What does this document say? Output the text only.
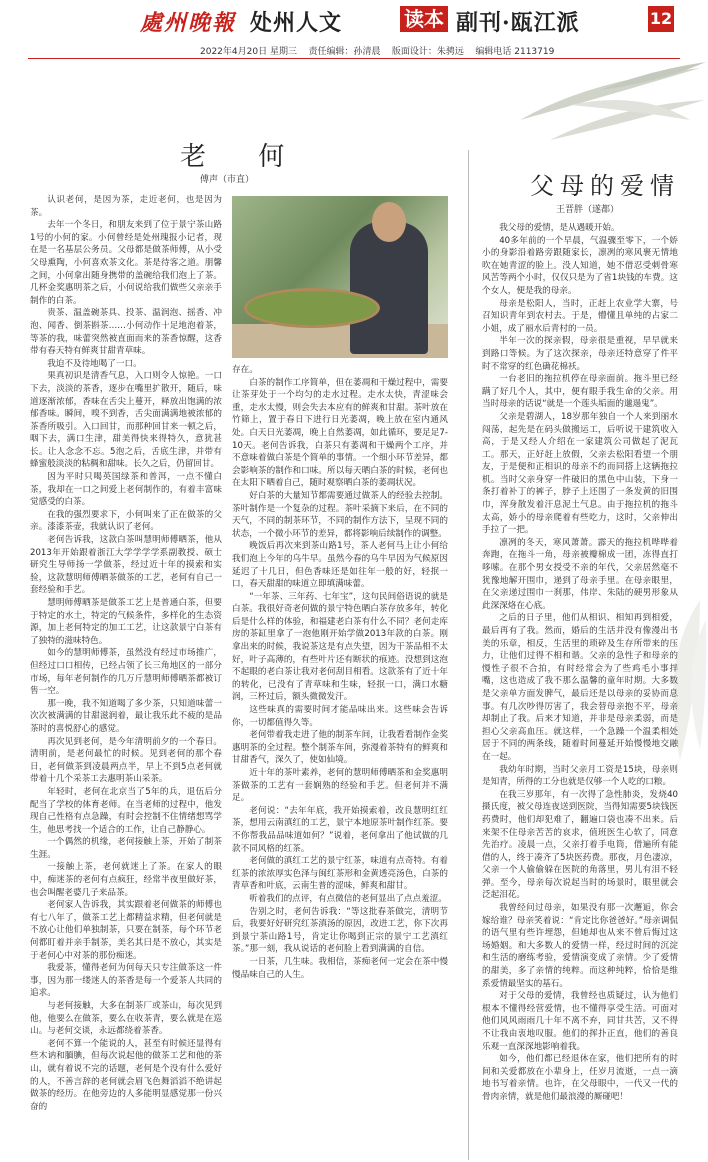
處州晚報 处州人文	读本 副刊·瓯江派	12
2022年4月20日 星期三 责任编辑：孙清晨 版面设计：朱骋远 编辑电话 2113719
老 何
傅声（市直）	父母的爱情
王晋胖（遂都）

认识老何，是因为茶，走近老何，也是因为茶。

去年一个冬日，和朋友来到了位于景宁茶山路1号的小何的家。小何曾经是处州瑰报小记者，现在是一名基层公务员。父母都是做茶师傅，从小受父母熏陶，小何喜欢茶文化。茶是待客之道。朋馨之间，小何拿出随身携带的盖碗给我们泡上了茶。几杯金奖惠明茶之后，小何说给我们做些父亲亲手制作的白茶。

贵茶、温盖碗茶具、投茶、温润泡、摇香、冲泡、闻香、倒茶斟茶……小何动作十足地泡着茶，等茶的我，味蕾突然被直面而来的茶香惊醒，这香带有春天特有鲜爽甘甜青草味。

我迫不及待地喝了一口。

果真初识是清香气息，入口则令人惊艳。一口下去，淡淡的茶香，逐步在嘴里扩散开，随后，味道逐渐浓郁，香味在舌尖上蔓开，释放出饱满的浓郁香味。瞬间，嗅不到香，舌尖面满满地被浓郁的茶香所吸引。入口回甘，而那种回甘来一顿之后，咽下去，满口生津，甜美得快来得特久，意犹甚长。让人念念不忘。5泡之后，舌底生津，并带有蜂蜜般淡淡的粘稠和甜味。长久之后，仍留回甘。

因为平时只喝英国绿茶和普洱，一点不懂白茶，我却在一口之间爱上老何制作的，有着丰富味觉感受的白茶。

在我的强烈要求下，小何叫来了正在做茶的父亲。漆漆茶壶，我就认识了老何。

老何告诉我，这款白茶叫慧明师傅晒茶，他从2013年开始跟着浙江大学学学学系副教授、硕士研究生导师扬一学做茶，经过近十年的摸索和实验，这款慧明师傅晒茶做茶的工艺，老何有自己一套经验和手艺。

慧明师傅晒茶是做茶工艺上是普通白茶，但要于特定的水土，特定的气候条件，多样化的生态资源，加上老何特定的加工工艺，让这款景宁白茶有了独特的滋味特色。

如今的慧明师傅茶，虽然没有经过市场推广，但经过口口相传，已经占领了长三角地区的一部分市场，每年老何制作的几万斤慧明师傅晒茶都被订售一空。

那一晚，我不知道喝了多少茶，只知道味蕾一次次被满满的甘甜滋润着，最让我乐此不疲的是品茶时的喜悦舒心的感觉。

再次见到老何，是今年清明前夕的一个春日。清明前，是老何最忙的时候。见到老何的那个春日，老何做茶到凌晨两点半，早上不到5点老何就带着十几个采茶工去惠明茶山采茶。

年轻时，老何在北京当了5年的兵，退伍后分配当了学校的体育老师。在当老师的过程中，他发现自己性格有点急躁，有时会控制不住情绪想骂学生，他思考找一个适合的工作，让自己静静心。

一个偶然的机缘，老何接触上茶，开始了制茶生涯。

一接触上茶，老何就迷上了茶。在家人的眼中，痴迷茶的老何有点疯狂，经常半夜里做好茶，也会叫醒老婆几子来品茶。

老何家人告诉我，其实跟着老何做茶的师傅也有七八年了，做茶工艺上都精益求精，但老何就是不放心让他们单独制茶，只要在制茶，每个环节老何都盯着并亲手制茶，美名其曰是不放心，其实是于老何心中对茶的那份痴迷。

我爱茶，懂得老何为何每天只专注做茶这一件事，因为那一缕迷人的茶香是每一个爱茶人共同的追求。

与老何接触，大多在制茶厂或茶山，每次见到他，他要么在做茶，要么在收茶青，要么就是在巡山。与老何交谈，永远都绕着茶香。

老何不算一个能说的人，甚至有时候还显得有些木讷和腼腆，但每次说起他的做茶工艺和他的茶山，就有着说不完的话题，老何是个没有什么爱好的人，不善言辞的老何就会眉飞色舞滔滔不绝讲起做茶的经历。在他旁边的人多能明显感觉那一份兴奋的

存在。

白茶的制作工序简单，但在萎凋和干燥过程中，需要让茶芽处于一个均匀的走水过程。走水太快，青涩味会重，走水太慢，则会失去本应有的鲜爽和甘甜。茶叶放在竹筛上，置于春日下进行日光萎凋，晚上放在室内通风处。白天日光萎凋，晚上自然萎凋，如此循环，要足足7-10天。老何告诉我，白茶只有萎凋和干燥两个工序，并不意味着做白茶是个简单的事情。一个细小环节差异，都会影响茶的制作和口味。所以每天晒白茶的时候，老何也在太阳下晒着自己，随时观察晒白茶的萎凋状况。

好白茶的大量知节都需要通过做茶人的经验去控制。茶叶制作是一个复杂的过程。茶叶采摘下来后，在不同的天气，不同的制茶环节，不同的制作方法下，呈现不同的状态，一个微小环节的差异，都将影响后续制作的调整。

晚饭后再次来到茶山路1号，茶人老何马上让小何给我们泡上今年的乌牛早。虽然今春的乌牛早因为气候原因延迟了十几日，但色香味还是如往年一般的好，轻抿一口，春天甜甜的味道立即填满味蕾。

“一年茶、三年药、七年宝”，这句民间俗语说的就是白茶。我很好奇老何做的景宁特色晒白茶存放多年，转化后是什么样的体验，和福建老白茶有什么不同？老何走库房的茶缸里拿了一泡他刚开始学做2013年款的白茶。刚拿出来的时候，我说茶这是有点失望，因为干茶品相不太好，叶子高薄的，有些叶片还有断状的痕迹。没想到这泡不起眼的老白茶让我对老何刮目相看。这款茶有了近十年的转化，已没有了青草味和生味，轻抿一口，满口水糖润，三杯过后，额头微微发汗。

这些味真的需要时间才能品味出来。这些味会告诉你，一切都值得久等。

老何带着我走进了他的制茶车间，让我看看制作金奖惠明茶的全过程。整个制茶车间，弥漫着茶特有的鲜爽和甘甜香气，深久了，使如仙境。

近十年的茶叶素养，老何的慧明师傅晒茶和金奖惠明茶做茶的工艺有一套娴熟的经验和手艺。但老何并不满足。

老何说：“去年年底，我开始摸索着，改良慧明红红茶，想用云南滇红的工艺，景宁本地原茶叶制作红茶。要不你帮我品品味道如何？”说着，老何拿出了他试做的几款不同风格的红茶。

老何做的滇红工艺的景宁红茶，味道有点奇特。有着红茶的浓浓厚实色泽与闽红茶形和金黄透亮汤色，白茶的青草香和叶底，云南生普的涩味，鲜爽和甜甘。

听着我们的点评，有点微信的老何显出了点点羞涩。

告别之时，老何告诉我：“等这批春茶做完，清明节后，我要好好研究红茶滇汤的原因，改进工艺，你下次再到景宁茶山路1号，肯定让你喝到正宗的景宁工艺滇红茶。”那一刻，我从说话的老何脸上看到满满的自信。

一日茶，几生味。我相信，茶痴老何一定会在茶中慢慢品味自己的人生。

我父母的爱情，是从遇暖开始。

40多年前的一个早晨，气温骤至零下，一个娇小的身影沿着路旁跟随家长，凛冽的寒风裹无情地吹在她青涩的脸上。没人知道，她不借忍受刺骨寒风苦等两个小时，仅仅只是为了省1块钱的车费。这个女人，便是我的母亲。

母亲是松阳人，当时，正赶上农业学大寨，号召知识青年到农村去。于是，懵懂且单纯的占家二小姐，成了丽水后青村的一员。

半年一次的探亲假，母亲很是重视，早早就来到路口等候。为了这次探亲，母亲还特意穿了件平时不常穿的红色确花棉袄。

一台老旧的拖拉机停在母亲面前。拖斗里已经蹒了好几个人，其中，便有眼手我生命的父亲。用当时母亲的话说“就是一个莲头垢面的邋遢鬼”。

父亲是碧湖人，18岁那年独自一个人来到丽水闯荡，起先是在码头做搬运工，后听说干建筑收入高，于是又经人介绍在一家建筑公司做起了泥瓦工。那天，正好赶上放假，父亲去松阳看望一个朋友，于是便和正相识的母亲不约而同搭上这辆拖拉机。当时父亲身穿一件破旧的黑色中山装，下身一条打着补丁的裤子，脖子上还围了一条发黄的旧围巾，浑身散发着汗息泥土气息。由于拖拉机的拖斗太高，娇小的母亲爬着有些吃力，这时，父亲伸出手拉了一把。

凛冽的冬天，寒风萧萧。霹天的拖拉机哗哗着奔跑，在拖斗一角，母亲被瓣棉成一团，冻得直打哆嗦。在那个男女授受不亲的年代，父亲居然毫不犹豫地解开围巾，递到了母亲手里。在母亲眼里，在父亲递过围巾一刹那，伟岸、朱陆的硬男形象从此深深烙在心底。

之后的日子里，他们从相识、相知再到相爱，最后再有了我。然而，婚后的生活并没有像漫出书美的乐章，相反，生活里的琐碎及生存所带来的压力，让他们过得不相和谐。父亲的急性子和母亲的慢性子很不合拍，有时经常会为了些鸡毛小事拌嘴，这也造成了我不那么温馨的童年时期。大多数是父亲单方面发脾气，最后还是以母亲的妥协而息事。有几次吵得厉害了，我会替母亲抱不平，母亲却制止了我。后来才知道，并非是母亲柔弱，而是担心父亲高血压。就这样，一个急躁一个温柔相处居于不同的两条线，随着时间蔓延开始慢慢地交融在一起。

我幼年时期，当时父亲月工资是15块，母亲则是知青，所得的工分也就是仅够一个人吃的口粮。

在我三岁那年，有一次得了急性肺炎，发烧40摄氏度，被父母连夜送到医院，当得知需要5块钱医药费时，他们却犯难了，翻遍口袋也凑不出来。后来架不住母亲苦苦的哀求，值班医生心软了，同意先治疗。凌晨一点，父亲打着手电筒，借遍所有能借的人，终于凑齐了5块医药费。那夜，月色凄凉，父亲一个人偷偷躲在医院的角落里，男儿有泪不轻弹。至今，母亲每次说起当时的场景时，眼里就会泛起泪花。

我曾经问过母亲，如果没有那一次邂逅，你会嫁给谁？母亲笑着说：“肯定比你爸爸好。”母亲调侃的语气里有些许埋怨，但她却也从来不曾后悔过这场婚姻。和大多数人的爱情一样，经过时间的沉淀和生活的磨练考验，爱情演变成了亲情。少了爱情的甜美，多了亲情的纯粹。而这种纯粹，恰恰是维系爱情最坚实的基石。

对于父母的爱情，我曾经也质疑过，认为他们根本不懂得经营爱情，也不懂得享受生活。可面对他们风风雨雨几十年不离不弃，同甘共苦，又不得不让我由衷地叹服。他们的挥扑正直，他们的善良乐观一直深深地影响着我。

如今，他们都已经退休在家，他们把所有的时间和关爱都放在小辈身上，任岁月流逝，一点一滴地书写着亲情。也许，在父母眼中，一代又一代的骨肉亲情，就是他们最浪漫的厮碰吧！
